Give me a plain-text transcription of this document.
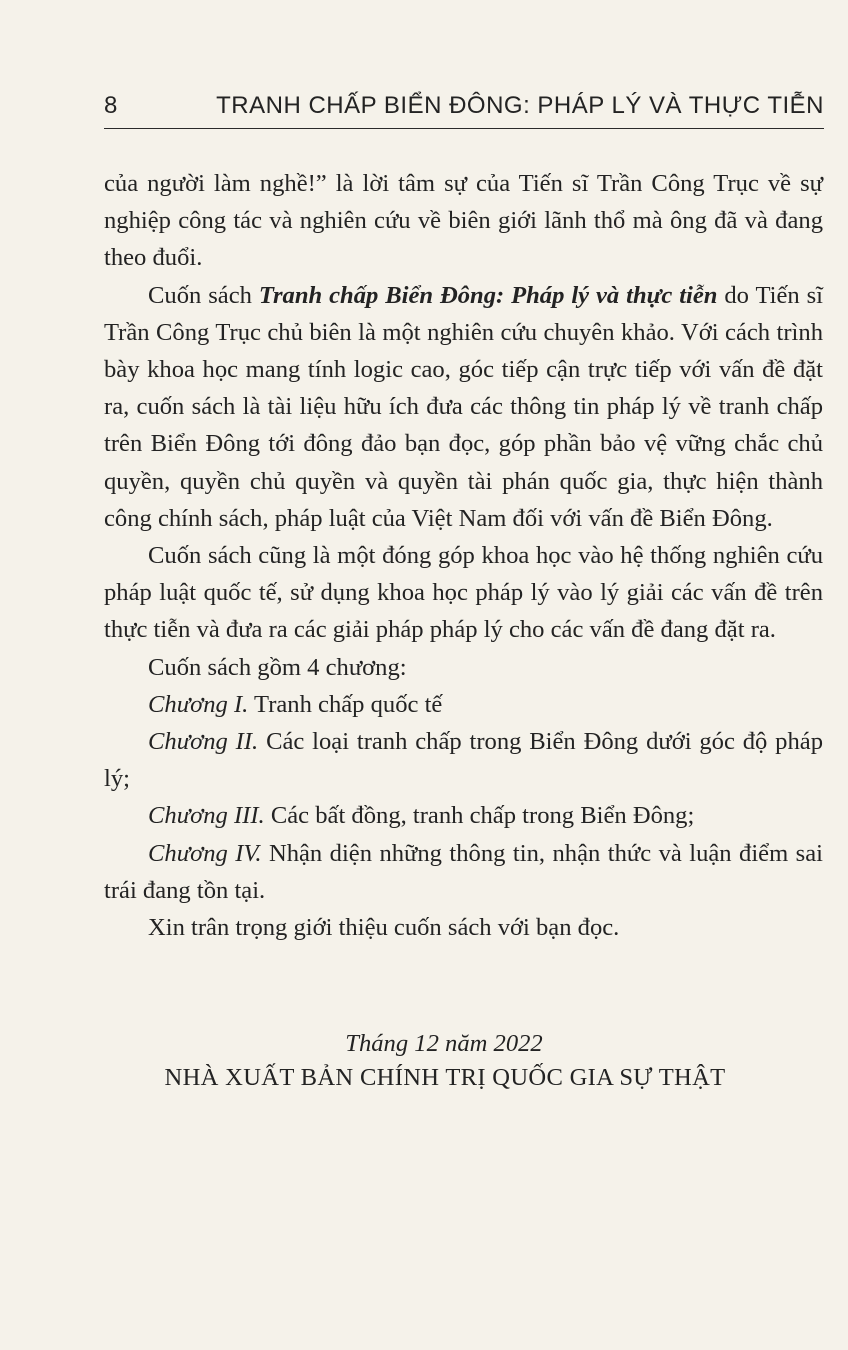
8	TRANH CHẤP BIỂN ĐÔNG: PHÁP LÝ VÀ THỰC TIỄN

của người làm nghề!” là lời tâm sự của Tiến sĩ Trần Công Trục về sự nghiệp công tác và nghiên cứu về biên giới lãnh thổ mà ông đã và đang theo đuổi.

Cuốn sách Tranh chấp Biển Đông: Pháp lý và thực tiễn do Tiến sĩ Trần Công Trục chủ biên là một nghiên cứu chuyên khảo. Với cách trình bày khoa học mang tính logic cao, góc tiếp cận trực tiếp với vấn đề đặt ra, cuốn sách là tài liệu hữu ích đưa các thông tin pháp lý về tranh chấp trên Biển Đông tới đông đảo bạn đọc, góp phần bảo vệ vững chắc chủ quyền, quyền chủ quyền và quyền tài phán quốc gia, thực hiện thành công chính sách, pháp luật của Việt Nam đối với vấn đề Biển Đông.

Cuốn sách cũng là một đóng góp khoa học vào hệ thống nghiên cứu pháp luật quốc tế, sử dụng khoa học pháp lý vào lý giải các vấn đề trên thực tiễn và đưa ra các giải pháp pháp lý cho các vấn đề đang đặt ra.

Cuốn sách gồm 4 chương:

Chương I. Tranh chấp quốc tế

Chương II. Các loại tranh chấp trong Biển Đông dưới góc độ pháp lý;

Chương III. Các bất đồng, tranh chấp trong Biển Đông;

Chương IV. Nhận diện những thông tin, nhận thức và luận điểm sai trái đang tồn tại.

Xin trân trọng giới thiệu cuốn sách với bạn đọc.

Tháng 12 năm 2022
NHÀ XUẤT BẢN CHÍNH TRỊ QUỐC GIA SỰ THẬT
